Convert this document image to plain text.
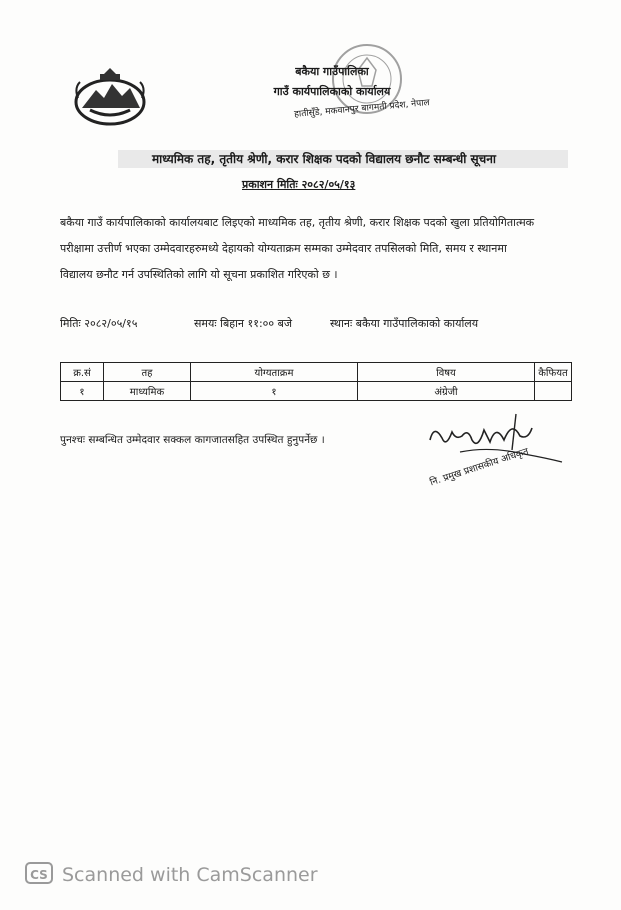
बकैया गाउँपालिका
गाउँ कार्यपालिकाको कार्यालय
हातीसुँडे, मकवानपुर बागमती प्रदेश, नेपाल
माध्यमिक तह, तृतीय श्रेणी, करार शिक्षक पदको विद्यालय छनौट सम्बन्धी सूचना
प्रकाशन मितिः २०८२/०५/१३
बकैया गाउँ कार्यपालिकाको कार्यालयबाट लिइएको माध्यमिक तह, तृतीय श्रेणी, करार शिक्षक पदको खुला प्रतियोगितात्मक परीक्षामा उत्तीर्ण भएका उम्मेदवारहरुमध्ये देहायको योग्यताक्रम सम्मका उम्मेदवार तपसिलको मिति, समय र स्थानमा विद्यालय छनौट गर्न उपस्थितिको लागि यो सूचना प्रकाशित गरिएको छ ।
मितिः २०८२/०५/१५	समयः बिहान ११:०० बजे	स्थानः बकैया गाउँपालिकाको कार्यालय
क्र.सं	तह	योग्यताक्रम	विषय	कैफियत
१	माध्यमिक	१	अंग्रेजी	
पुनश्चः सम्बन्धित उम्मेदवार सक्कल कागजातसहित उपस्थित हुनुपर्नेछ ।
नि. प्रमुख प्रशासकीय अधिकृत
CS Scanned with CamScanner
